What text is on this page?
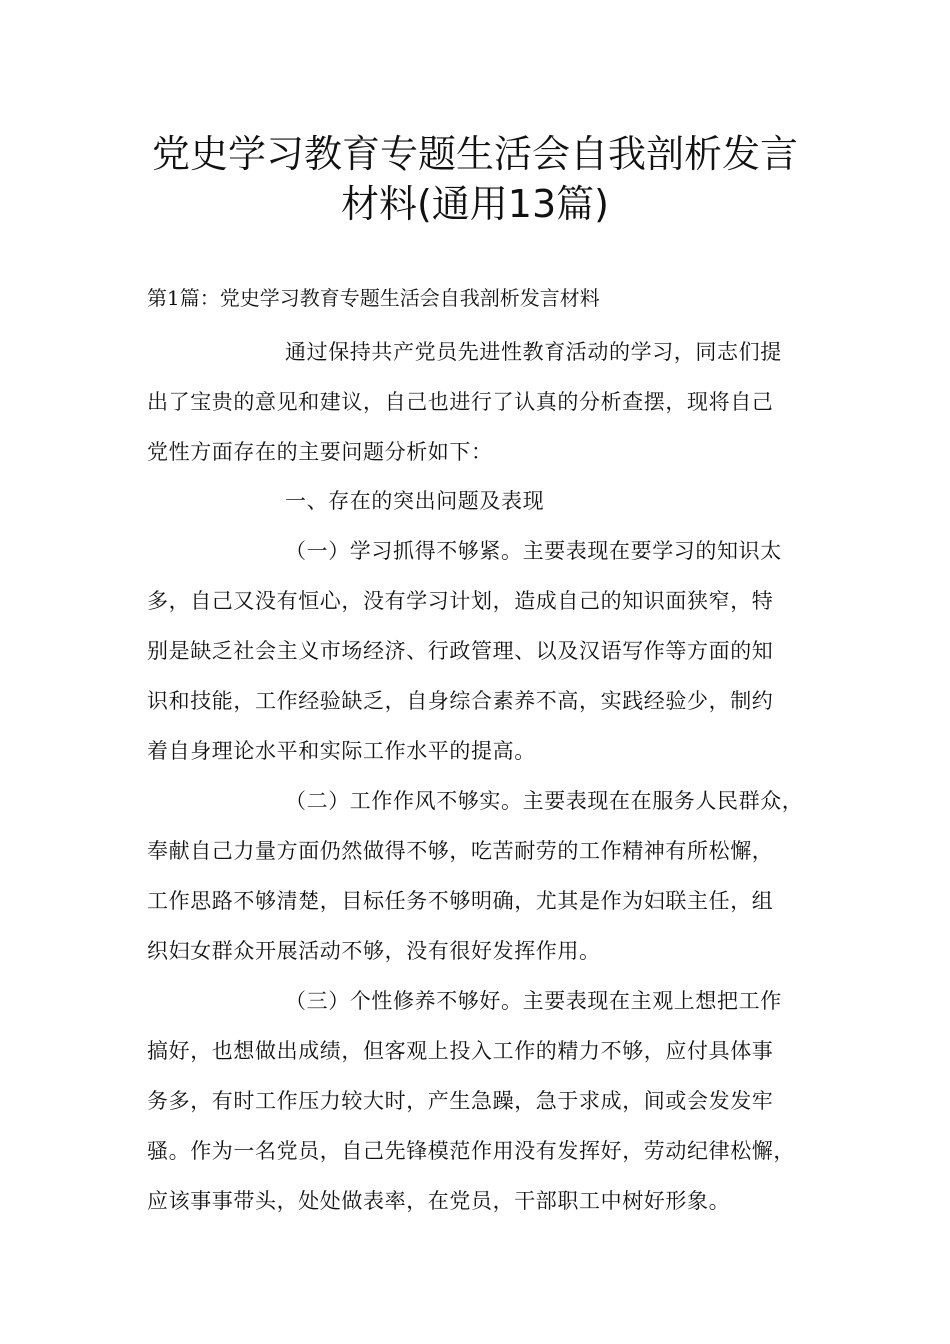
党史学习教育专题生活会自我剖析发言
材料(通用13篇)
第1篇：党史学习教育专题生活会自我剖析发言材料
通过保持共产党员先进性教育活动的学习，同志们提
出了宝贵的意见和建议，自己也进行了认真的分析查摆，现将自己
党性方面存在的主要问题分析如下：
一、存在的突出问题及表现
（一）学习抓得不够紧。主要表现在要学习的知识太
多，自己又没有恒心，没有学习计划，造成自己的知识面狭窄，特
别是缺乏社会主义市场经济、行政管理、以及汉语写作等方面的知
识和技能，工作经验缺乏，自身综合素养不高，实践经验少，制约
着自身理论水平和实际工作水平的提高。
（二）工作作风不够实。主要表现在在服务人民群众，
奉献自己力量方面仍然做得不够，吃苦耐劳的工作精神有所松懈，
工作思路不够清楚，目标任务不够明确，尤其是作为妇联主任，组
织妇女群众开展活动不够，没有很好发挥作用。
（三）个性修养不够好。主要表现在主观上想把工作
搞好，也想做出成绩，但客观上投入工作的精力不够，应付具体事
务多，有时工作压力较大时，产生急躁，急于求成，间或会发发牢
骚。作为一名党员，自己先锋模范作用没有发挥好，劳动纪律松懈，
应该事事带头，处处做表率，在党员，干部职工中树好形象。
